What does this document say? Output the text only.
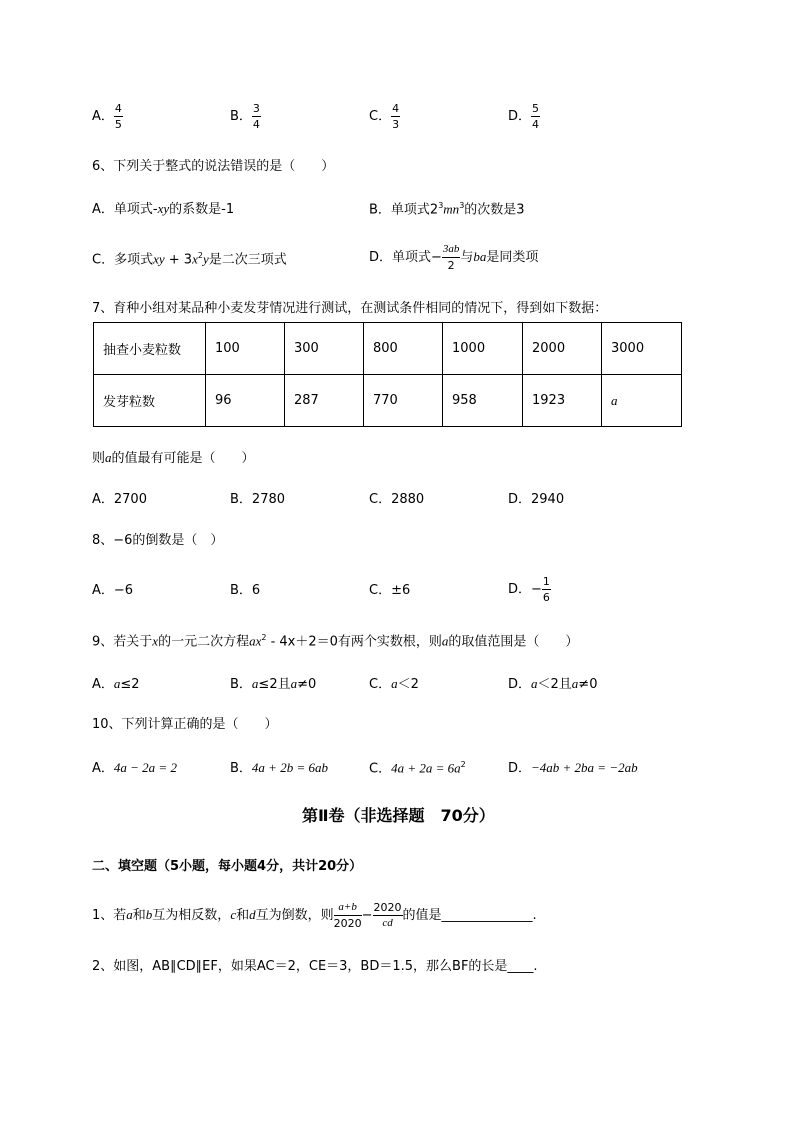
A． $\frac{4}{5}$	B． $\frac{3}{4}$	C． $\frac{4}{3}$	D． $\frac{5}{4}$
6、下列关于整式的说法错误的是（　　）
A．单项式-xy的系数是-1	B．单项式$2^3mn^3$的次数是3
C．多项式xy + $3x^2y$是二次三项式	D．单项式− $\frac{3ab}{2}$ 与ba是同类项
7、育种小组对某品种小麦发芽情况进行测试，在测试条件相同的情况下，得到如下数据：
抽查小麦粒数	100	300	800	1000	2000	3000
发芽粒数	96	287	770	958	1923	a
则a的值最有可能是（　　）
A．2700	B．2780	C．2880	D．2940
8、−6的倒数是（　）
A．−6	B．6	C．±6	D．− $\frac{1}{6}$
9、若关于x的一元二次方程$ax^2 - 4x+2=0$有两个实数根，则a的取值范围是（　　）
A．a≤2	B．a≤2且a≠0	C．a＜2	D．a＜2且a≠0
10、下列计算正确的是（　　）
A．4a − 2a = 2	B．4a + 2b = 6ab	C．$4a + 2a = 6a^2$	D．−4ab + 2ba = −2ab
第Ⅱ卷（非选择题　70分）
二、填空题（5小题，每小题4分，共计20分）
1、若a和b互为相反数，c和d互为倒数，则 $\frac{a+b}{2020} - \frac{2020}{cd}$ 的值是______________.
2、如图，AB∥CD∥EF，如果AC＝2，CE＝3，BD＝1.5，那么BF的长是____.
